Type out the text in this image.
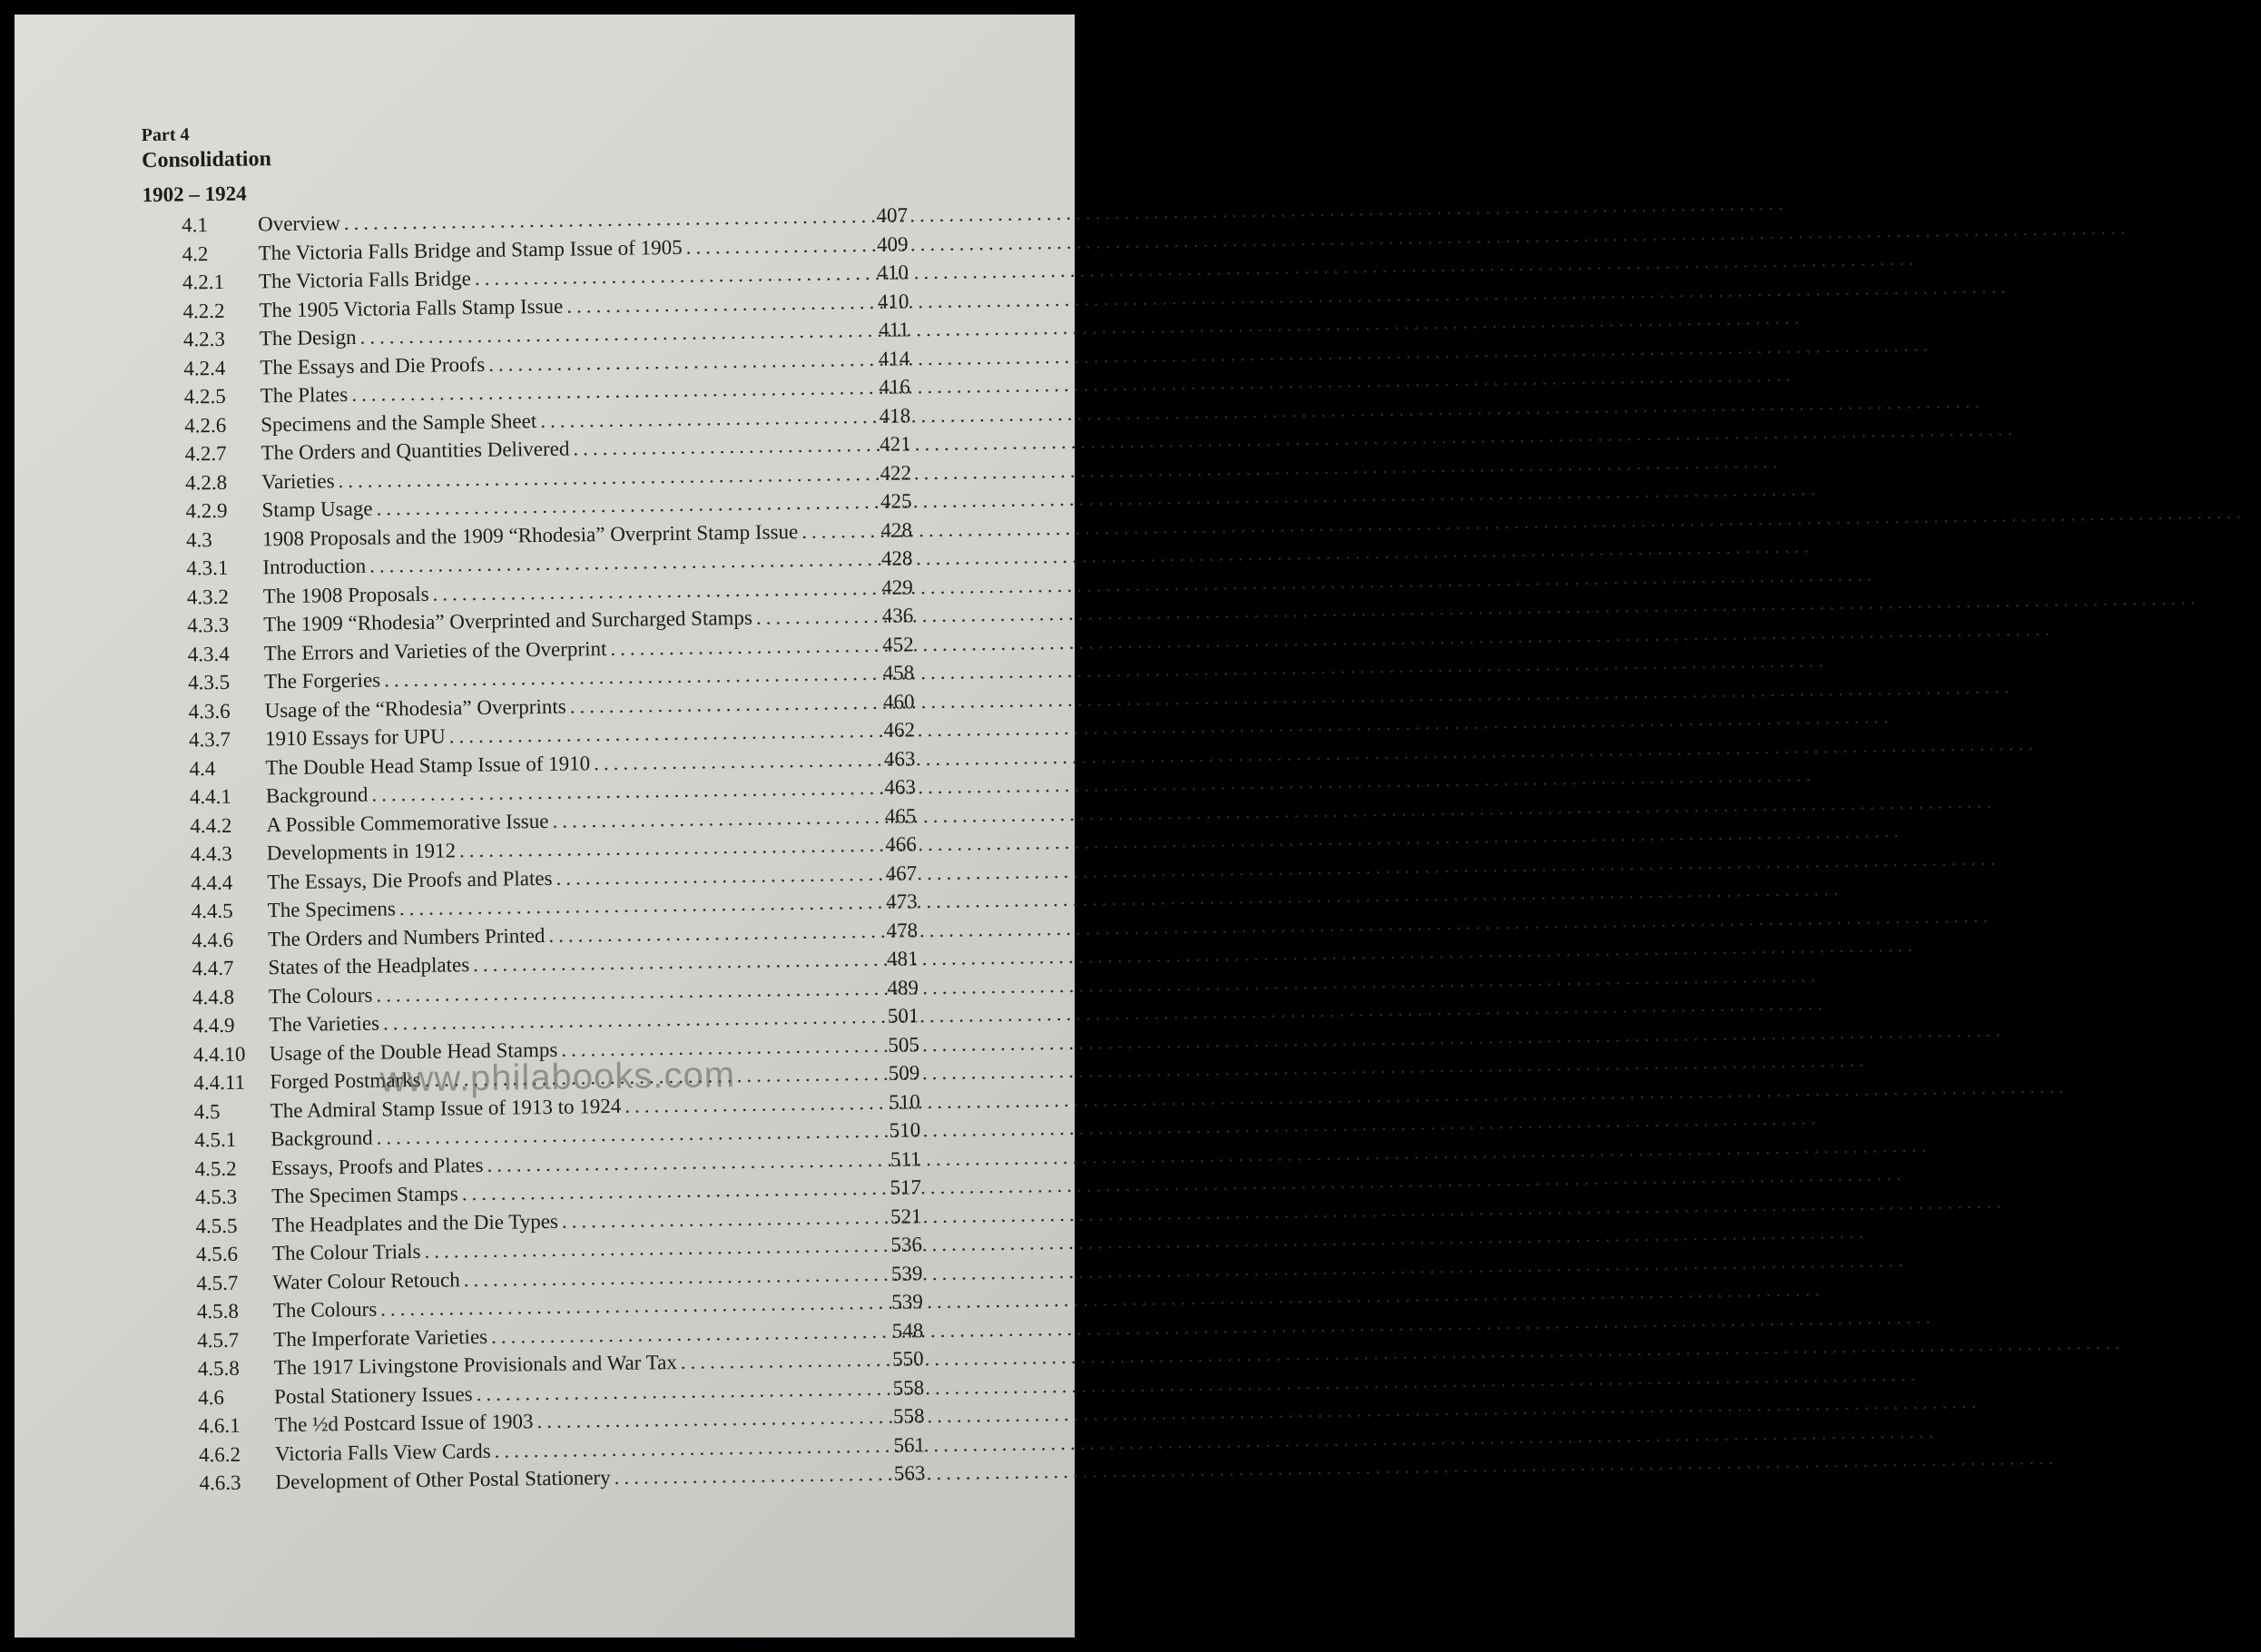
Part 4
Consolidation
1902 – 1924
4.1	Overview .....	407
4.2	The Victoria Falls Bridge and Stamp Issue of 1905 .....	409
4.2.1	The Victoria Falls Bridge .....	410
4.2.2	The 1905 Victoria Falls Stamp Issue .....	410
4.2.3	The Design .....	411
4.2.4	The Essays and Die Proofs .....	414
4.2.5	The Plates .....	416
4.2.6	Specimens and the Sample Sheet .....	418
4.2.7	The Orders and Quantities Delivered .....	421
4.2.8	Varieties .....	422
4.2.9	Stamp Usage .....	425
4.3	1908 Proposals and the 1909 “Rhodesia” Overprint Stamp Issue .....	428
4.3.1	Introduction .....	428
4.3.2	The 1908 Proposals .....	429
4.3.3	The 1909 “Rhodesia” Overprinted and Surcharged Stamps .....	436
4.3.4	The Errors and Varieties of the Overprint .....	452
4.3.5	The Forgeries .....	458
4.3.6	Usage of the “Rhodesia” Overprints .....	460
4.3.7	1910 Essays for UPU .....	462
4.4	The Double Head Stamp Issue of 1910 .....	463
4.4.1	Background .....	463
4.4.2	A Possible Commemorative Issue .....	465
4.4.3	Developments in 1912 .....	466
4.4.4	The Essays, Die Proofs and Plates .....	467
4.4.5	The Specimens .....	473
4.4.6	The Orders and Numbers Printed .....	478
4.4.7	States of the Headplates .....	481
4.4.8	The Colours .....	489
4.4.9	The Varieties .....	501
4.4.10	Usage of the Double Head Stamps .....	505
4.4.11	Forged Postmarks .....	509
4.5	The Admiral Stamp Issue of 1913 to 1924 .....	510
4.5.1	Background .....	510
4.5.2	Essays, Proofs and Plates .....	511
4.5.3	The Specimen Stamps .....	517
4.5.5	The Headplates and the Die Types .....	521
4.5.6	The Colour Trials .....	536
4.5.7	Water Colour Retouch .....	539
4.5.8	The Colours .....	539
4.5.7	The Imperforate Varieties .....	548
4.5.8	The 1917 Livingstone Provisionals and War Tax .....	550
4.6	Postal Stationery Issues .....	558
4.6.1	The ½d Postcard Issue of 1903 .....	558
4.6.2	Victoria Falls View Cards .....	561
4.6.3	Development of Other Postal Stationery .....	563
www.philabooks.com
